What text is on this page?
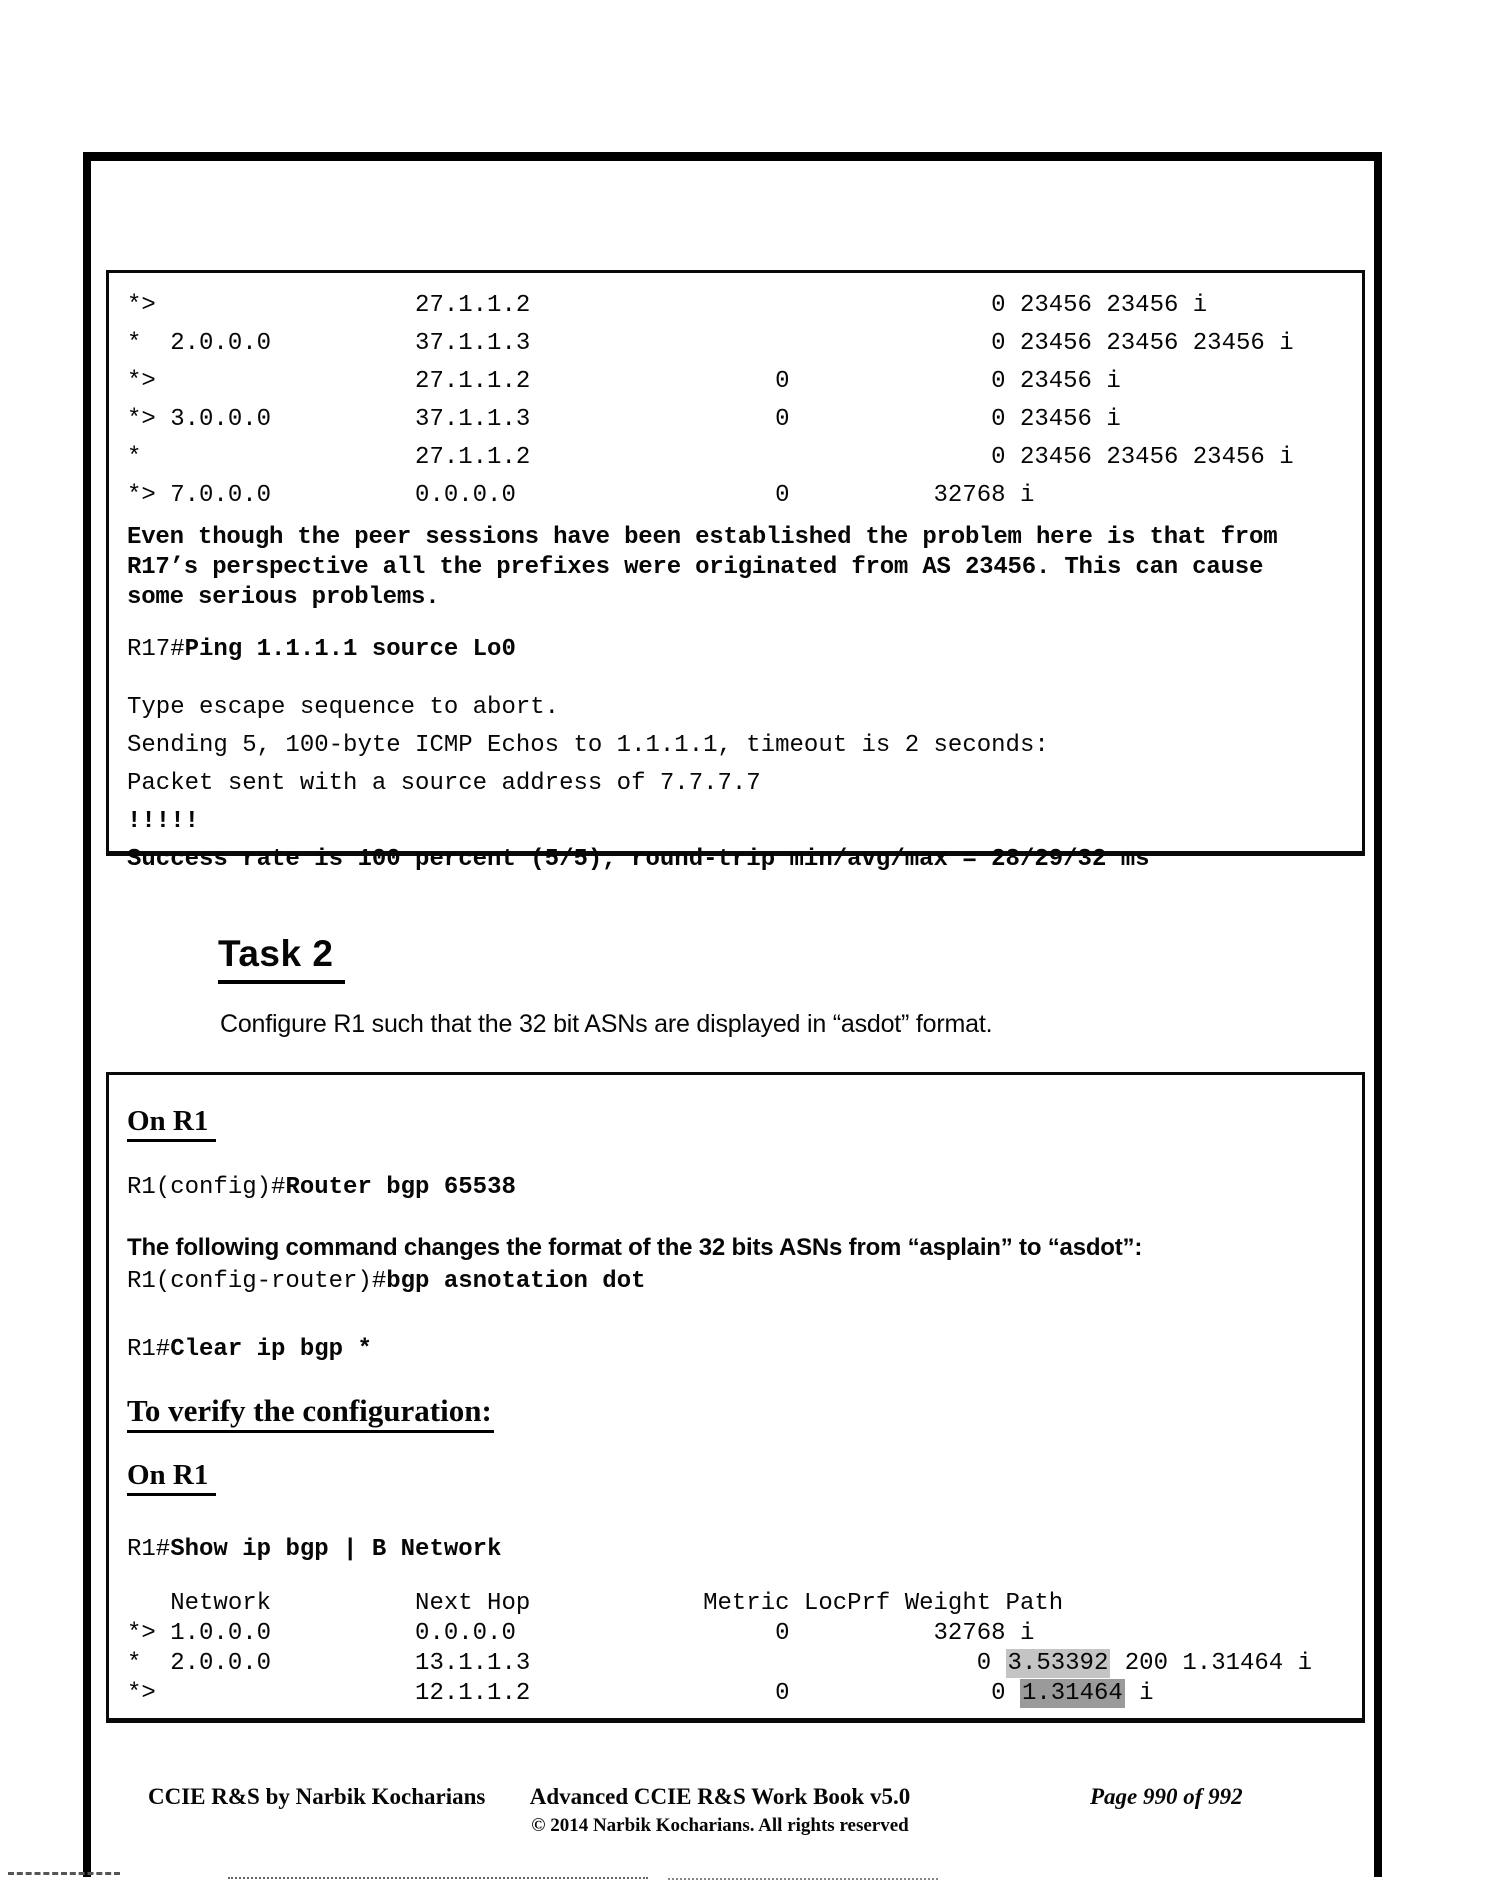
*>                  27.1.1.2                                0 23456 23456 i
*  2.0.0.0          37.1.1.3                                0 23456 23456 23456 i
*>                  27.1.1.2                 0              0 23456 i
*> 3.0.0.0          37.1.1.3                 0              0 23456 i
*                   27.1.1.2                                0 23456 23456 23456 i
*> 7.0.0.0          0.0.0.0                  0          32768 i

Even though the peer sessions have been established the problem here is that from R17’s perspective all the prefixes were originated from AS 23456. This can cause some serious problems.

R17#Ping 1.1.1.1 source Lo0
Type escape sequence to abort.
Sending 5, 100-byte ICMP Echos to 1.1.1.1, timeout is 2 seconds:
Packet sent with a source address of 7.7.7.7
!!!!!
Success rate is 100 percent (5/5), round-trip min/avg/max = 28/29/32 ms
Task 2
Configure R1 such that the 32 bit ASNs are displayed in “asdot” format.
On R1
R1(config)#Router bgp 65538

The following command changes the format of the 32 bits ASNs from “asplain” to “asdot”:

R1(config-router)#bgp asnotation dot
R1#Clear ip bgp *
To verify the configuration:
On R1
R1#Show ip bgp | B Network
Network          Next Hop            Metric LocPrf Weight Path
*> 1.0.0.0          0.0.0.0                  0          32768 i
*  2.0.0.0          13.1.1.3                               0 3.53392 200 1.31464 i
*>                  12.1.1.2                 0              0 1.31464 i
CCIE R&S by Narbik Kocharians	Advanced CCIE R&S Work Book v5.0
© 2014 Narbik Kocharians. All rights reserved
Page 990 of 992
